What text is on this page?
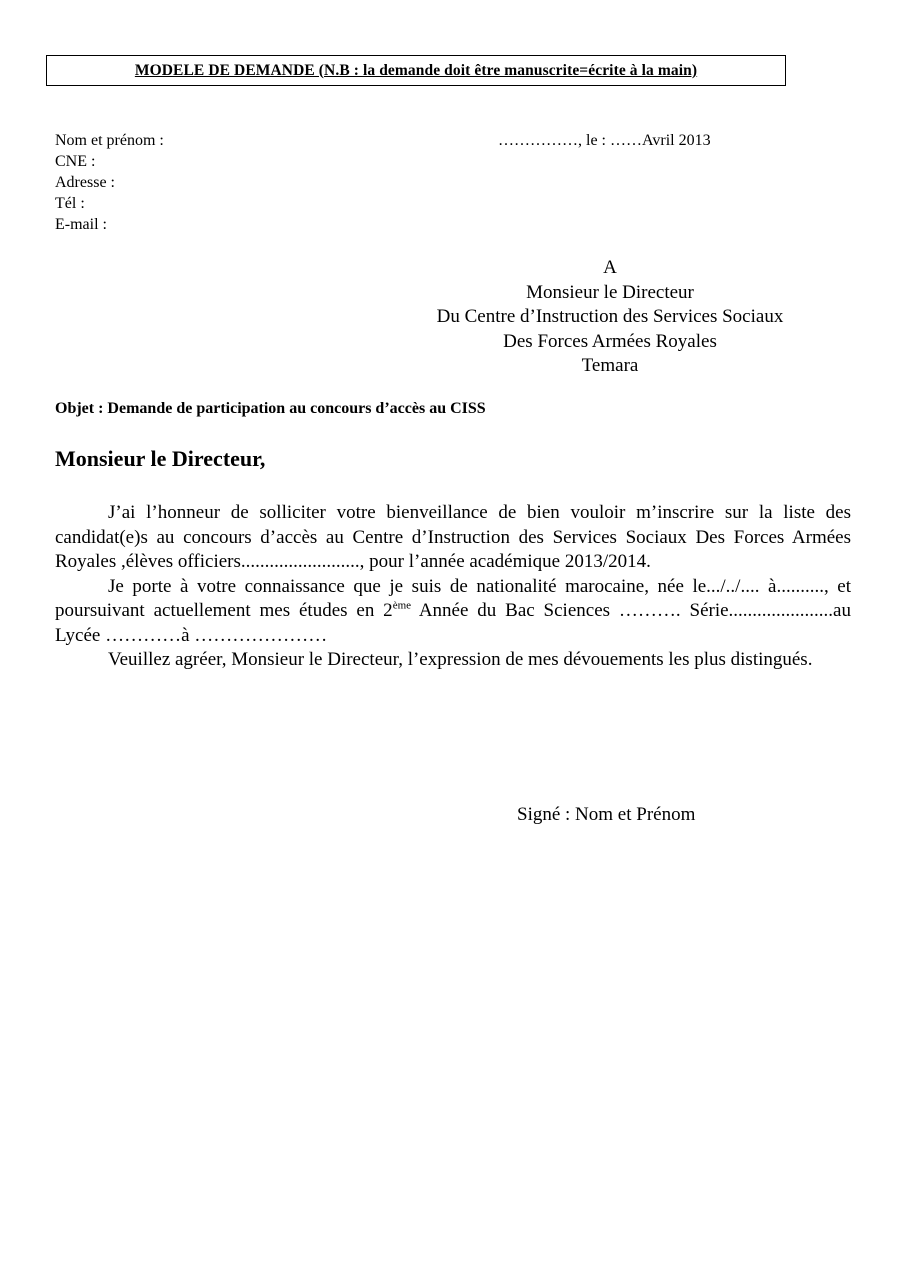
MODELE DE DEMANDE (N.B : la demande doit être manuscrite=écrite à la main)
Nom et prénom :
CNE :
Adresse :
Tél :
E-mail :
……………, le : ……Avril 2013
A
Monsieur le Directeur
Du Centre d’Instruction des Services Sociaux
Des Forces Armées Royales
Temara
Objet : Demande de participation au concours d’accès au CISS
Monsieur le Directeur,

J’ai l’honneur de solliciter votre bienveillance de bien vouloir m’inscrire sur la liste des candidat(e)s au concours d’accès au Centre d’Instruction des Services Sociaux Des Forces Armées Royales ,élèves officiers........................., pour l’année académique 2013/2014.

Je porte à votre connaissance que je suis de nationalité marocaine, née le.../../.... à.........., et poursuivant actuellement mes études en 2ème Année du Bac Sciences ………. Série......................au Lycée …………à …………………

Veuillez agréer, Monsieur le Directeur, l’expression de mes dévouements les plus distingués.

Signé : Nom et Prénom
